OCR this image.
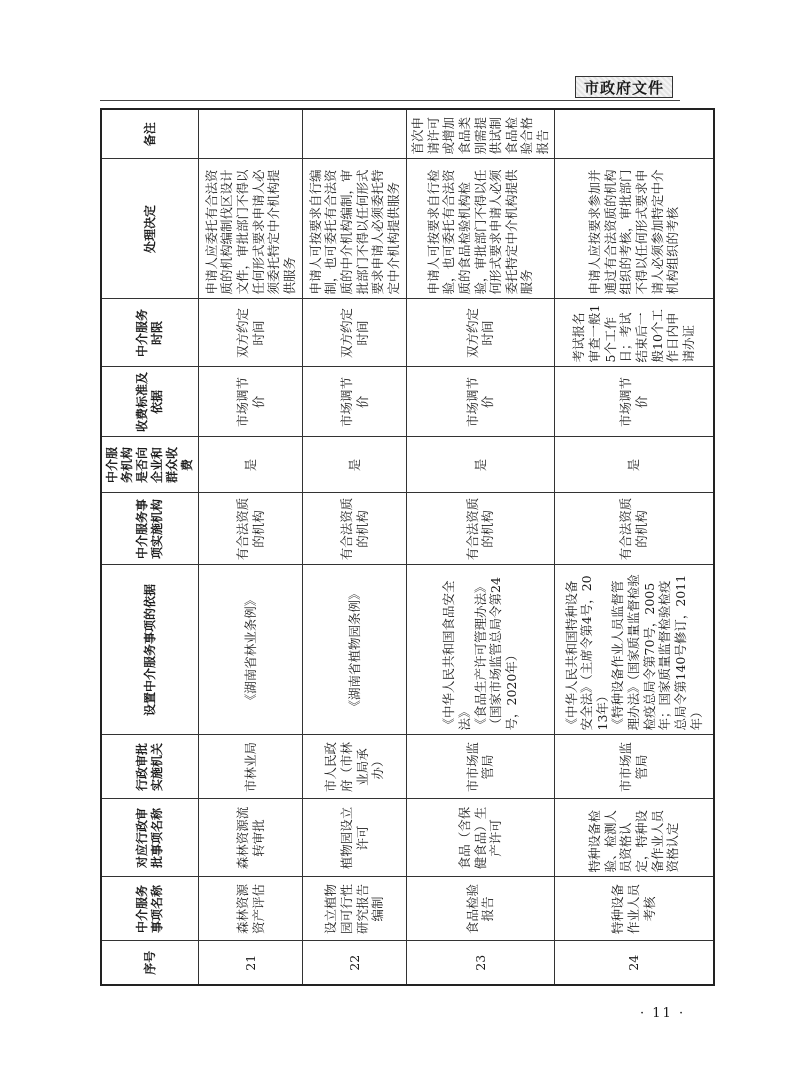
市政府文件
序号	中介服务事项名称	对应行政审批事项名称	行政审批实施机关	设置中介服务事项的依据	中介服务事项实施机构	中介服务机构是否向企业和群众收费	收费标准及依据	中介服务时限	处理决定	备注
21	森林资源资产评估	森林资源流转审批	市林业局	《湖南省林业条例》	有合法资质的机构	是	市场调节价	双方约定时间	申请人应委托有合法资质的机构编制伐区设计文件，审批部门不得以任何形式要求申请人必须委托特定中介机构提供服务	
22	设立植物园可行性研究报告编制	植物园设立许可	市人民政府（市林业局承办）	《湖南省植物园条例》	有合法资质的机构	是	市场调节价	双方约定时间	申请人可按要求自行编制，也可委托有合法资质的中介机构编制，审批部门不得以任何形式要求申请人必须委托特定中介机构提供服务	
23	食品检验报告	食品（含保健食品）生产许可	市市场监管局	《中华人民共和国食品安全法》 《食品生产许可管理办法》（国家市场监管总局令第24号，2020年）	有合法资质的机构	是	市场调节价	双方约定时间	申请人可按要求自行检验，也可委托有合法资质的食品检验机构检验，审批部门不得以任何形式要求申请人必须委托特定中介机构提供服务	首次申请许可或增加食品类别需提供试制食品检验合格报告
24	特种设备作业人员考核	特种设备检验、检测人员资格认定，特种设备作业人员资格认定	市市场监管局	《中华人民共和国特种设备安全法》（主席令第4号，2013年） 《特种设备作业人员监督管理办法》（国家质量监督检验检疫总局令第70号，2005年；国家质量监督检验检疫总局令第140号修订，2011年）	有合法资质的机构	是	市场调节价	考试报名审查一般15个工作日；考试结束后一般10个工作日内申请办证	申请人应按要求参加并通过有合法资质的机构组织的考核，审批部门不得以任何形式要求申请人必须参加特定中介机构组织的考核	
· 11 ·
